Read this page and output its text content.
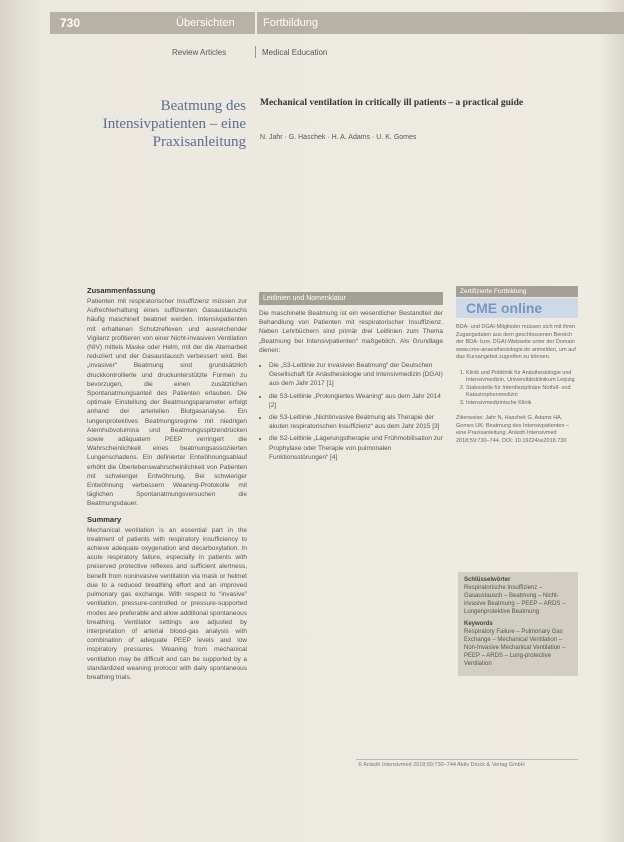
730	Übersichten	Fortbildung
Review Articles	Medical Education
Beatmung des Intensivpatienten – eine Praxisanleitung
Mechanical ventilation in critically ill patients – a practical guide
N. Jahr · G. Haschek · H. A. Adams · U. K. Gomes
Zusammenfassung

Patienten mit respiratorischer Insuffizienz müssen zur Aufrechterhaltung eines suffizienten Gasaustauschs häufig maschinell beatmet werden. Intensivpatienten mit erhaltenen Schutzreflexen und ausreichender Vigilanz profitieren von einer Nicht-invasiven Ventilation (NIV) mittels Maske oder Helm, mit der die Atemarbeit reduziert und der Gasaustausch verbessert wird. Bei „invasiver“ Beatmung sind grundsätzlich druckkontrollierte und druckunterstützte Formen zu bevorzugen, die einen zusätzlichen Spontanatmungsanteil des Patienten erlauben. Die optimale Einstellung der Beatmungsparameter erfolgt anhand der arteriellen Blutgasanalyse. Ein lungenprotektives Beatmungsregime mit niedrigen Atemhubvolumina und Beatmungsspitzendrücken sowie adäquatem PEEP verringert die Wahrscheinlichkeit eines beatmungsassoziierten Lungenschadens. Ein definierter Entwöhnungsablauf erhöht die Überlebenswahrscheinlichkeit von Patienten mit schwieriger Entwöhnung. Bei schwieriger Entwöhnung verbessern Weaning-Protokolle mit täglichen Spontanatmungsversuchen die Beatmungsdauer.

Summary

Mechanical ventilation is an essential part in the treatment of patients with respiratory insufficiency to achieve adequate oxygenation and decarboxylation. In acute respiratory failure, especially in patients with preserved protective reflexes and sufficient alertness, benefit from noninvasive ventilation via mask or helmet due to a reduced breathing effort and an improved pulmonary gas exchange. With respect to “invasive” ventilation, pressure-controlled or pressure-supported modes are preferable and allow additional spontaneous breathing. Ventilator settings are adjusted by interpretation of arterial blood-gas analysis with combination of adequate PEEP levels and low inspiratory pressures. Weaning from mechanical ventilation may be difficult and can be supported by a standardized weaning protocol with daily spontaneous breathing trials.

Leitlinien und Nomenklatur

Die maschinelle Beatmung ist ein wesentlicher Bestandteil der Behandlung von Patienten mit respiratorischer Insuffizienz. Neben Lehrbüchern sind primär drei Leitlinien zum Thema „Beatmung bei Intensivpatienten“ maßgeblich. Als Grundlage dienen:

• Die „S3-Leitlinie zur invasiven Beatmung“ der Deutschen Gesellschaft für Anästhesiologie und Intensivmedizin (DGAI) aus dem Jahr 2017 [1]
• die S3-Leitlinie „Prolongiertes Weaning“ aus dem Jahr 2014 [2]
• die S3-Leitlinie „Nichtinvasive Beatmung als Therapie der akuten respiratorischen Insuffizienz“ aus dem Jahr 2015 [3]
• die S2-Leitlinie „Lagerungstherapie und Frühmobilisation zur Prophylaxe oder Therapie von pulmonalen Funktionsstörungen“ [4]
Zertifizierte Fortbildung
CME online

BDA- und DGAI-Mitglieder müssen sich mit ihren Zugangsdaten aus dem geschlossenen Bereich der BDA- bzw. DGAI-Webseite unter der Domain www.cme-anaesthesiologie.de anmelden, um auf das Kursangebot zugreifen zu können.

1. Klinik und Poliklinik für Anästhesiologie und Intensivmedizin, Universitätsklinikum Leipzig
2. Stabsstelle für Interdisziplinäre Notfall- und Katastrophenmedizin
3. Intensivmedizinische Klinik

Zitierweise: Jahr N, Haschek G, Adams HA, Gomes UK: Beatmung des Intensivpatienten – eine Praxisanleitung. Anästh Intensivmed 2018;59:730–744. DOI: 10.19224/ai2018.730

Schlüsselwörter

Respiratorische Insuffizienz – Gasaustausch – Beatmung – Nicht-invasive Beatmung – PEEP – ARDS – Lungenprotektive Beatmung

Keywords

Respiratory Failure – Pulmonary Gas Exchange – Mechanical Ventilation – Non-Invasive Mechanical Ventilation – PEEP – ARDS – Lung-protective Ventilation

© Anästh Intensivmed 2018;59:730–744 Aktiv Druck & Verlag GmbH
